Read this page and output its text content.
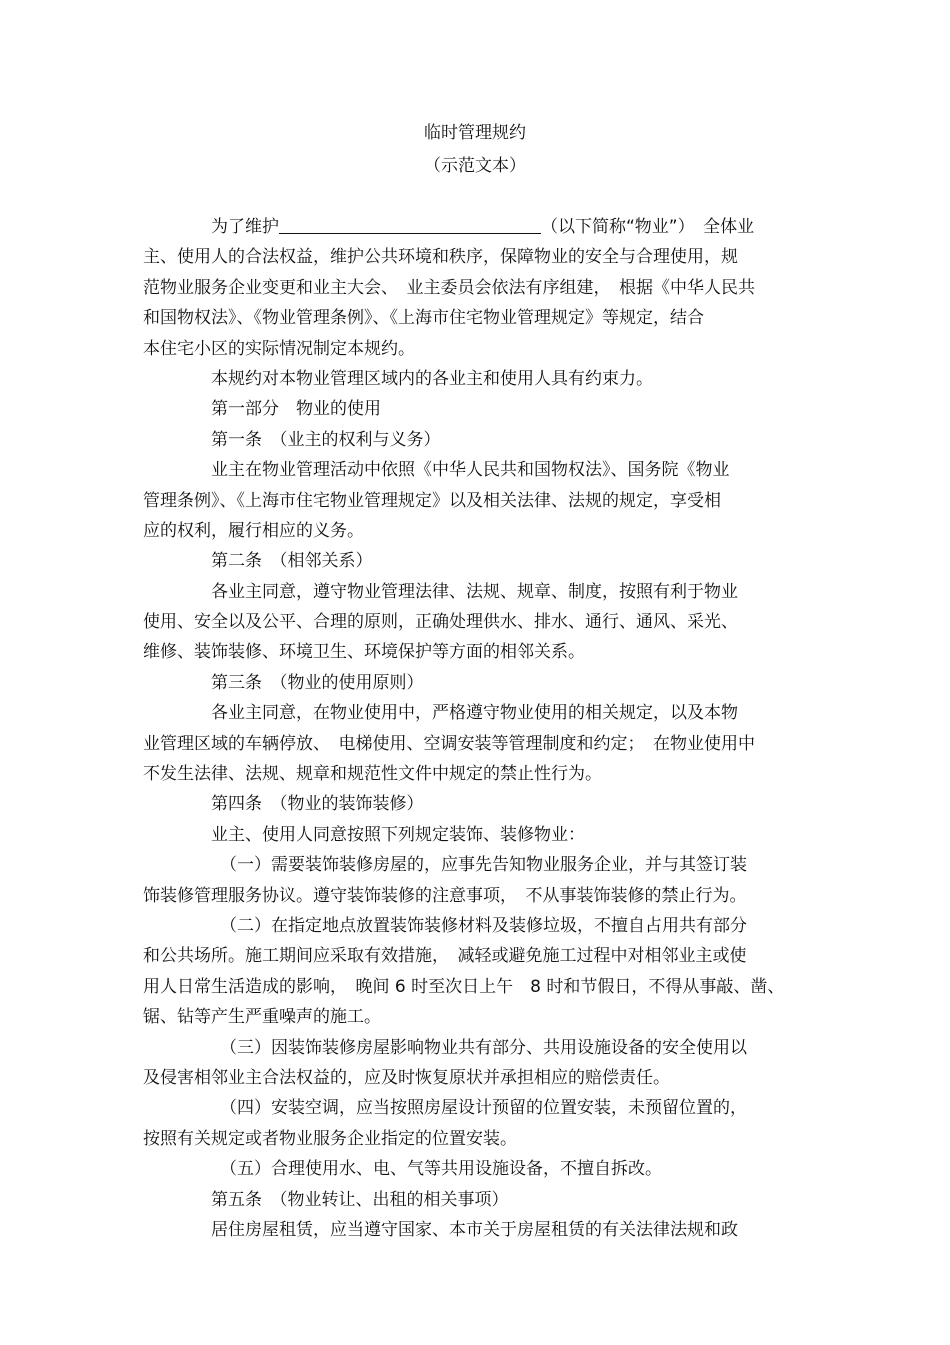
临时管理规约
（示范文本）
为了维护	（以下简称“物业”）　全体业
主、使用人的合法权益，维护公共环境和秩序，保障物业的安全与合理使用，规
范物业服务企业变更和业主大会、　业主委员会依法有序组建，　根据《中华人民共
和国物权法》、《物业管理条例》、《上海市住宅物业管理规定》等规定，结合
本住宅小区的实际情况制定本规约。
本规约对本物业管理区域内的各业主和使用人具有约束力。
第一部分　物业的使用
第一条　（业主的权利与义务）
业主在物业管理活动中依照《中华人民共和国物权法》、国务院《物业
管理条例》、《上海市住宅物业管理规定》以及相关法律、法规的规定，享受相
应的权利，履行相应的义务。
第二条　（相邻关系）
各业主同意，遵守物业管理法律、法规、规章、制度，按照有利于物业
使用、安全以及公平、合理的原则，正确处理供水、排水、通行、通风、采光、
维修、装饰装修、环境卫生、环境保护等方面的相邻关系。
第三条　（物业的使用原则）
各业主同意，在物业使用中，严格遵守物业使用的相关规定，以及本物
业管理区域的车辆停放、　电梯使用、空调安装等管理制度和约定；　在物业使用中
不发生法律、法规、规章和规范性文件中规定的禁止性行为。
第四条　（物业的装饰装修）
业主、使用人同意按照下列规定装饰、装修物业：
（一）需要装饰装修房屋的，应事先告知物业服务企业，并与其签订装
饰装修管理服务协议。遵守装饰装修的注意事项，　不从事装饰装修的禁止行为。
（二）在指定地点放置装饰装修材料及装修垃圾，不擅自占用共有部分
和公共场所。施工期间应采取有效措施，　减轻或避免施工过程中对相邻业主或使
用人日常生活造成的影响，　晚间 6 时至次日上午　8 时和节假日，不得从事敲、凿、
锯、钻等产生严重噪声的施工。
（三）因装饰装修房屋影响物业共有部分、共用设施设备的安全使用以
及侵害相邻业主合法权益的，应及时恢复原状并承担相应的赔偿责任。
（四）安装空调，应当按照房屋设计预留的位置安装，未预留位置的，
按照有关规定或者物业服务企业指定的位置安装。
（五）合理使用水、电、气等共用设施设备，不擅自拆改。
第五条　（物业转让、出租的相关事项）
居住房屋租赁，应当遵守国家、本市关于房屋租赁的有关法律法规和政
